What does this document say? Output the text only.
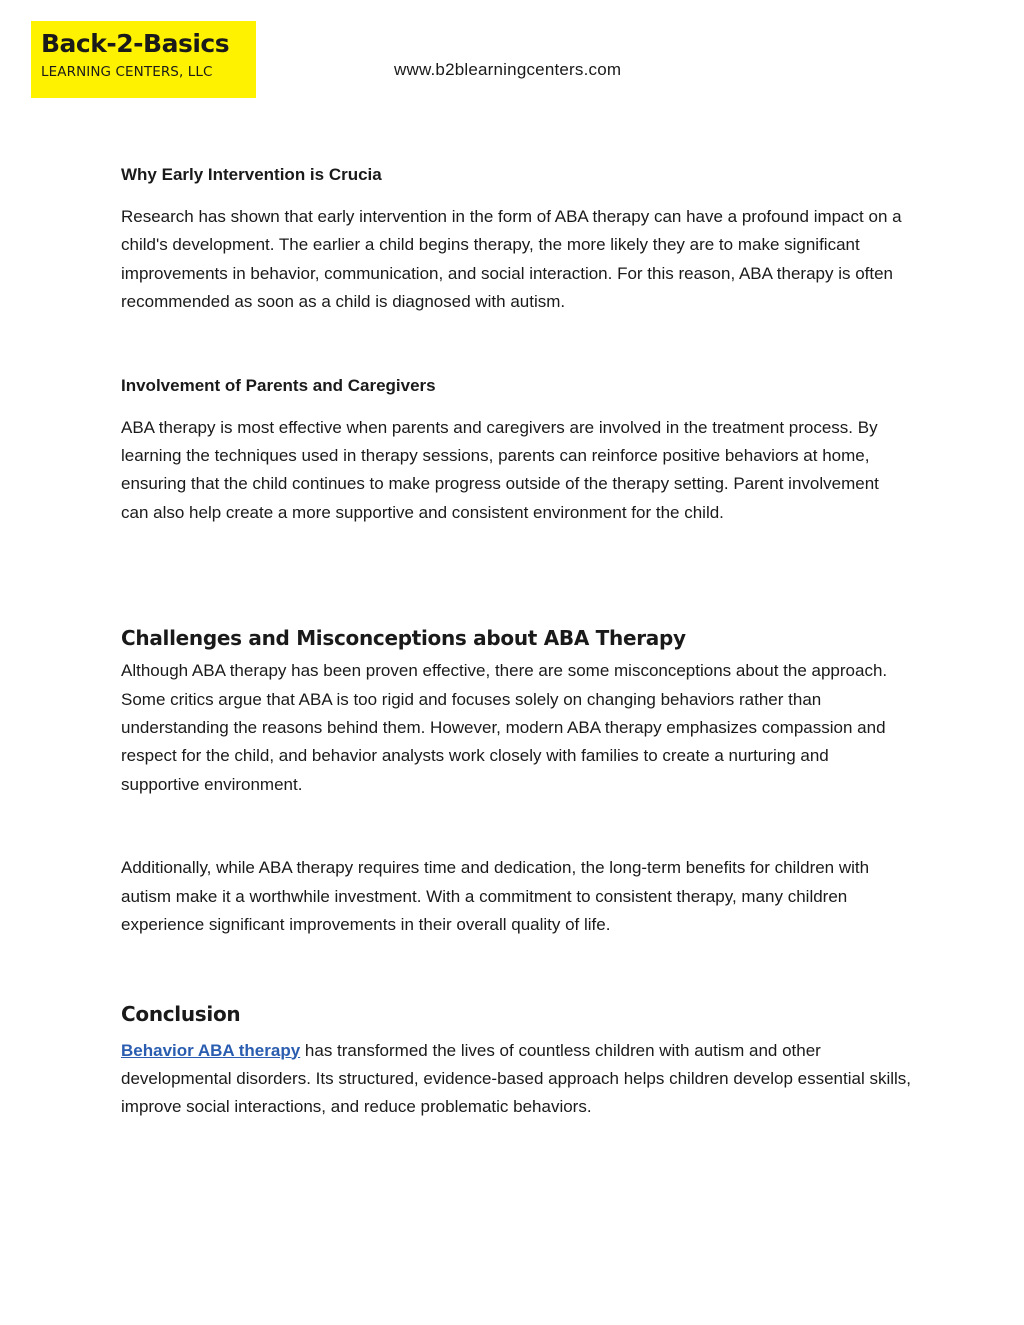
Back-2-Basics
LEARNING CENTERS, LLC	www.b2blearningcenters.com
Why Early Intervention is Crucia

Research has shown that early intervention in the form of ABA therapy can have a profound impact on a child's development. The earlier a child begins therapy, the more likely they are to make significant improvements in behavior, communication, and social interaction. For this reason, ABA therapy is often recommended as soon as a child is diagnosed with autism.

Involvement of Parents and Caregivers

ABA therapy is most effective when parents and caregivers are involved in the treatment process. By learning the techniques used in therapy sessions, parents can reinforce positive behaviors at home, ensuring that the child continues to make progress outside of the therapy setting. Parent involvement can also help create a more supportive and consistent environment for the child.

Challenges and Misconceptions about ABA Therapy

Although ABA therapy has been proven effective, there are some misconceptions about the approach. Some critics argue that ABA is too rigid and focuses solely on changing behaviors rather than understanding the reasons behind them. However, modern ABA therapy emphasizes compassion and respect for the child, and behavior analysts work closely with families to create a nurturing and supportive environment.

Additionally, while ABA therapy requires time and dedication, the long-term benefits for children with autism make it a worthwhile investment. With a commitment to consistent therapy, many children experience significant improvements in their overall quality of life.

Conclusion

Behavior ABA therapy has transformed the lives of countless children with autism and other developmental disorders. Its structured, evidence-based approach helps children develop essential skills, improve social interactions, and reduce problematic behaviors.
